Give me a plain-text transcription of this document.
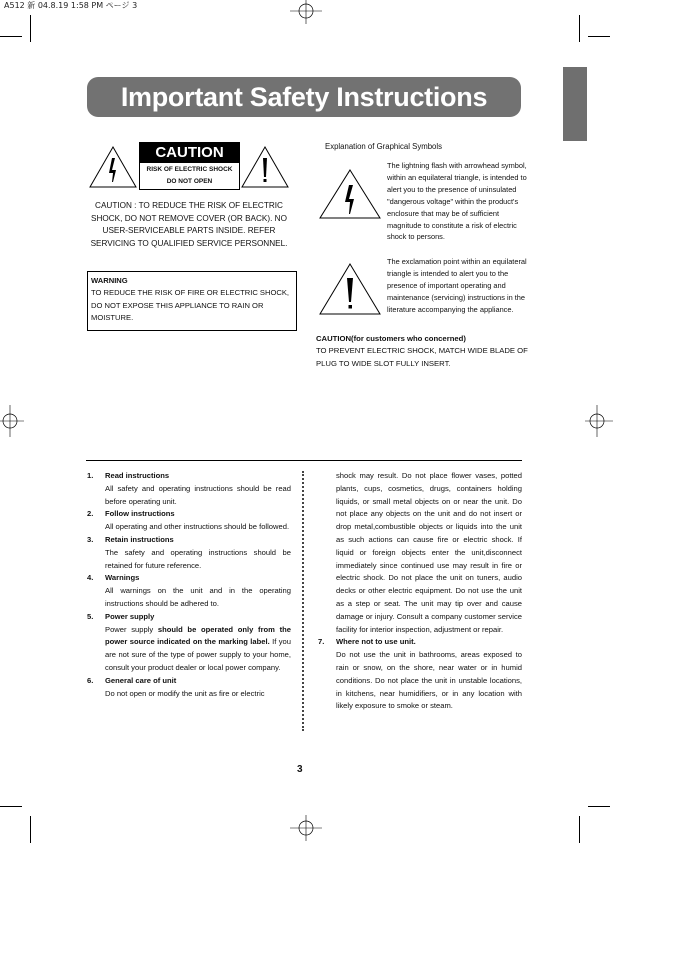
A512 新 04.8.19 1:58 PM ページ 3
Important Safety Instructions
CAUTION
RISK OF ELECTRIC SHOCK
DO NOT OPEN
CAUTION : TO REDUCE THE RISK OF ELECTRIC SHOCK, DO NOT REMOVE COVER (OR BACK). NO USER-SERVICEABLE PARTS INSIDE. REFER SERVICING TO QUALIFIED SERVICE PERSONNEL.
WARNING
TO REDUCE THE RISK OF FIRE OR ELECTRIC SHOCK, DO NOT EXPOSE THIS APPLIANCE TO RAIN OR MOISTURE.
Explanation of Graphical Symbols
The lightning flash with arrowhead symbol, within an equilateral triangle, is intended to alert you to the presence of uninsulated "dangerous voltage" within the product's enclosure that may be of sufficient magnitude to constitute a risk of electric shock to persons.
The exclamation point within an equilateral triangle is intended to alert you to the presence of important operating and maintenance (servicing) instructions in the literature accompanying the appliance.
CAUTION(for customers who concerned)
TO PREVENT ELECTRIC SHOCK, MATCH WIDE BLADE OF PLUG TO WIDE SLOT FULLY INSERT.
1. Read instructions
All safety and operating instructions should be read before operating unit.
2. Follow instructions
All operating and other instructions should be followed.
3. Retain instructions
The safety and operating instructions should be retained for future reference.
4. Warnings
All warnings on the unit and in the operating instructions should be adhered to.
5. Power supply
Power supply should be operated only from the power source indicated on the marking label. If you are not sure of the type of power supply to your home, consult your product dealer or local power company.
6. General care of unit
Do not open or modify the unit as fire or electric
shock may result. Do not place flower vases, potted plants, cups, cosmetics, drugs, containers holding liquids, or small metal objects on or near the unit. Do not place any objects on the unit and do not insert or drop metal,combustible objects or liquids into the unit as such actions can cause fire or electric shock. If liquid or foreign objects enter the unit,disconnect immediately since continued use may result in fire or electric shock. Do not place the unit on tuners, audio decks or other electric equipment. Do not use the unit as a step or seat. The unit may tip over and cause damage or injury. Consult a company customer service facility for interior inspection, adjustment or repair.
7. Where not to use unit.
Do not use the unit in bathrooms, areas exposed to rain or snow, on the shore, near water or in humid conditions. Do not place the unit in unstable locations, in kitchens, near humidifiers, or in any location with likely exposure to smoke or steam.
3
